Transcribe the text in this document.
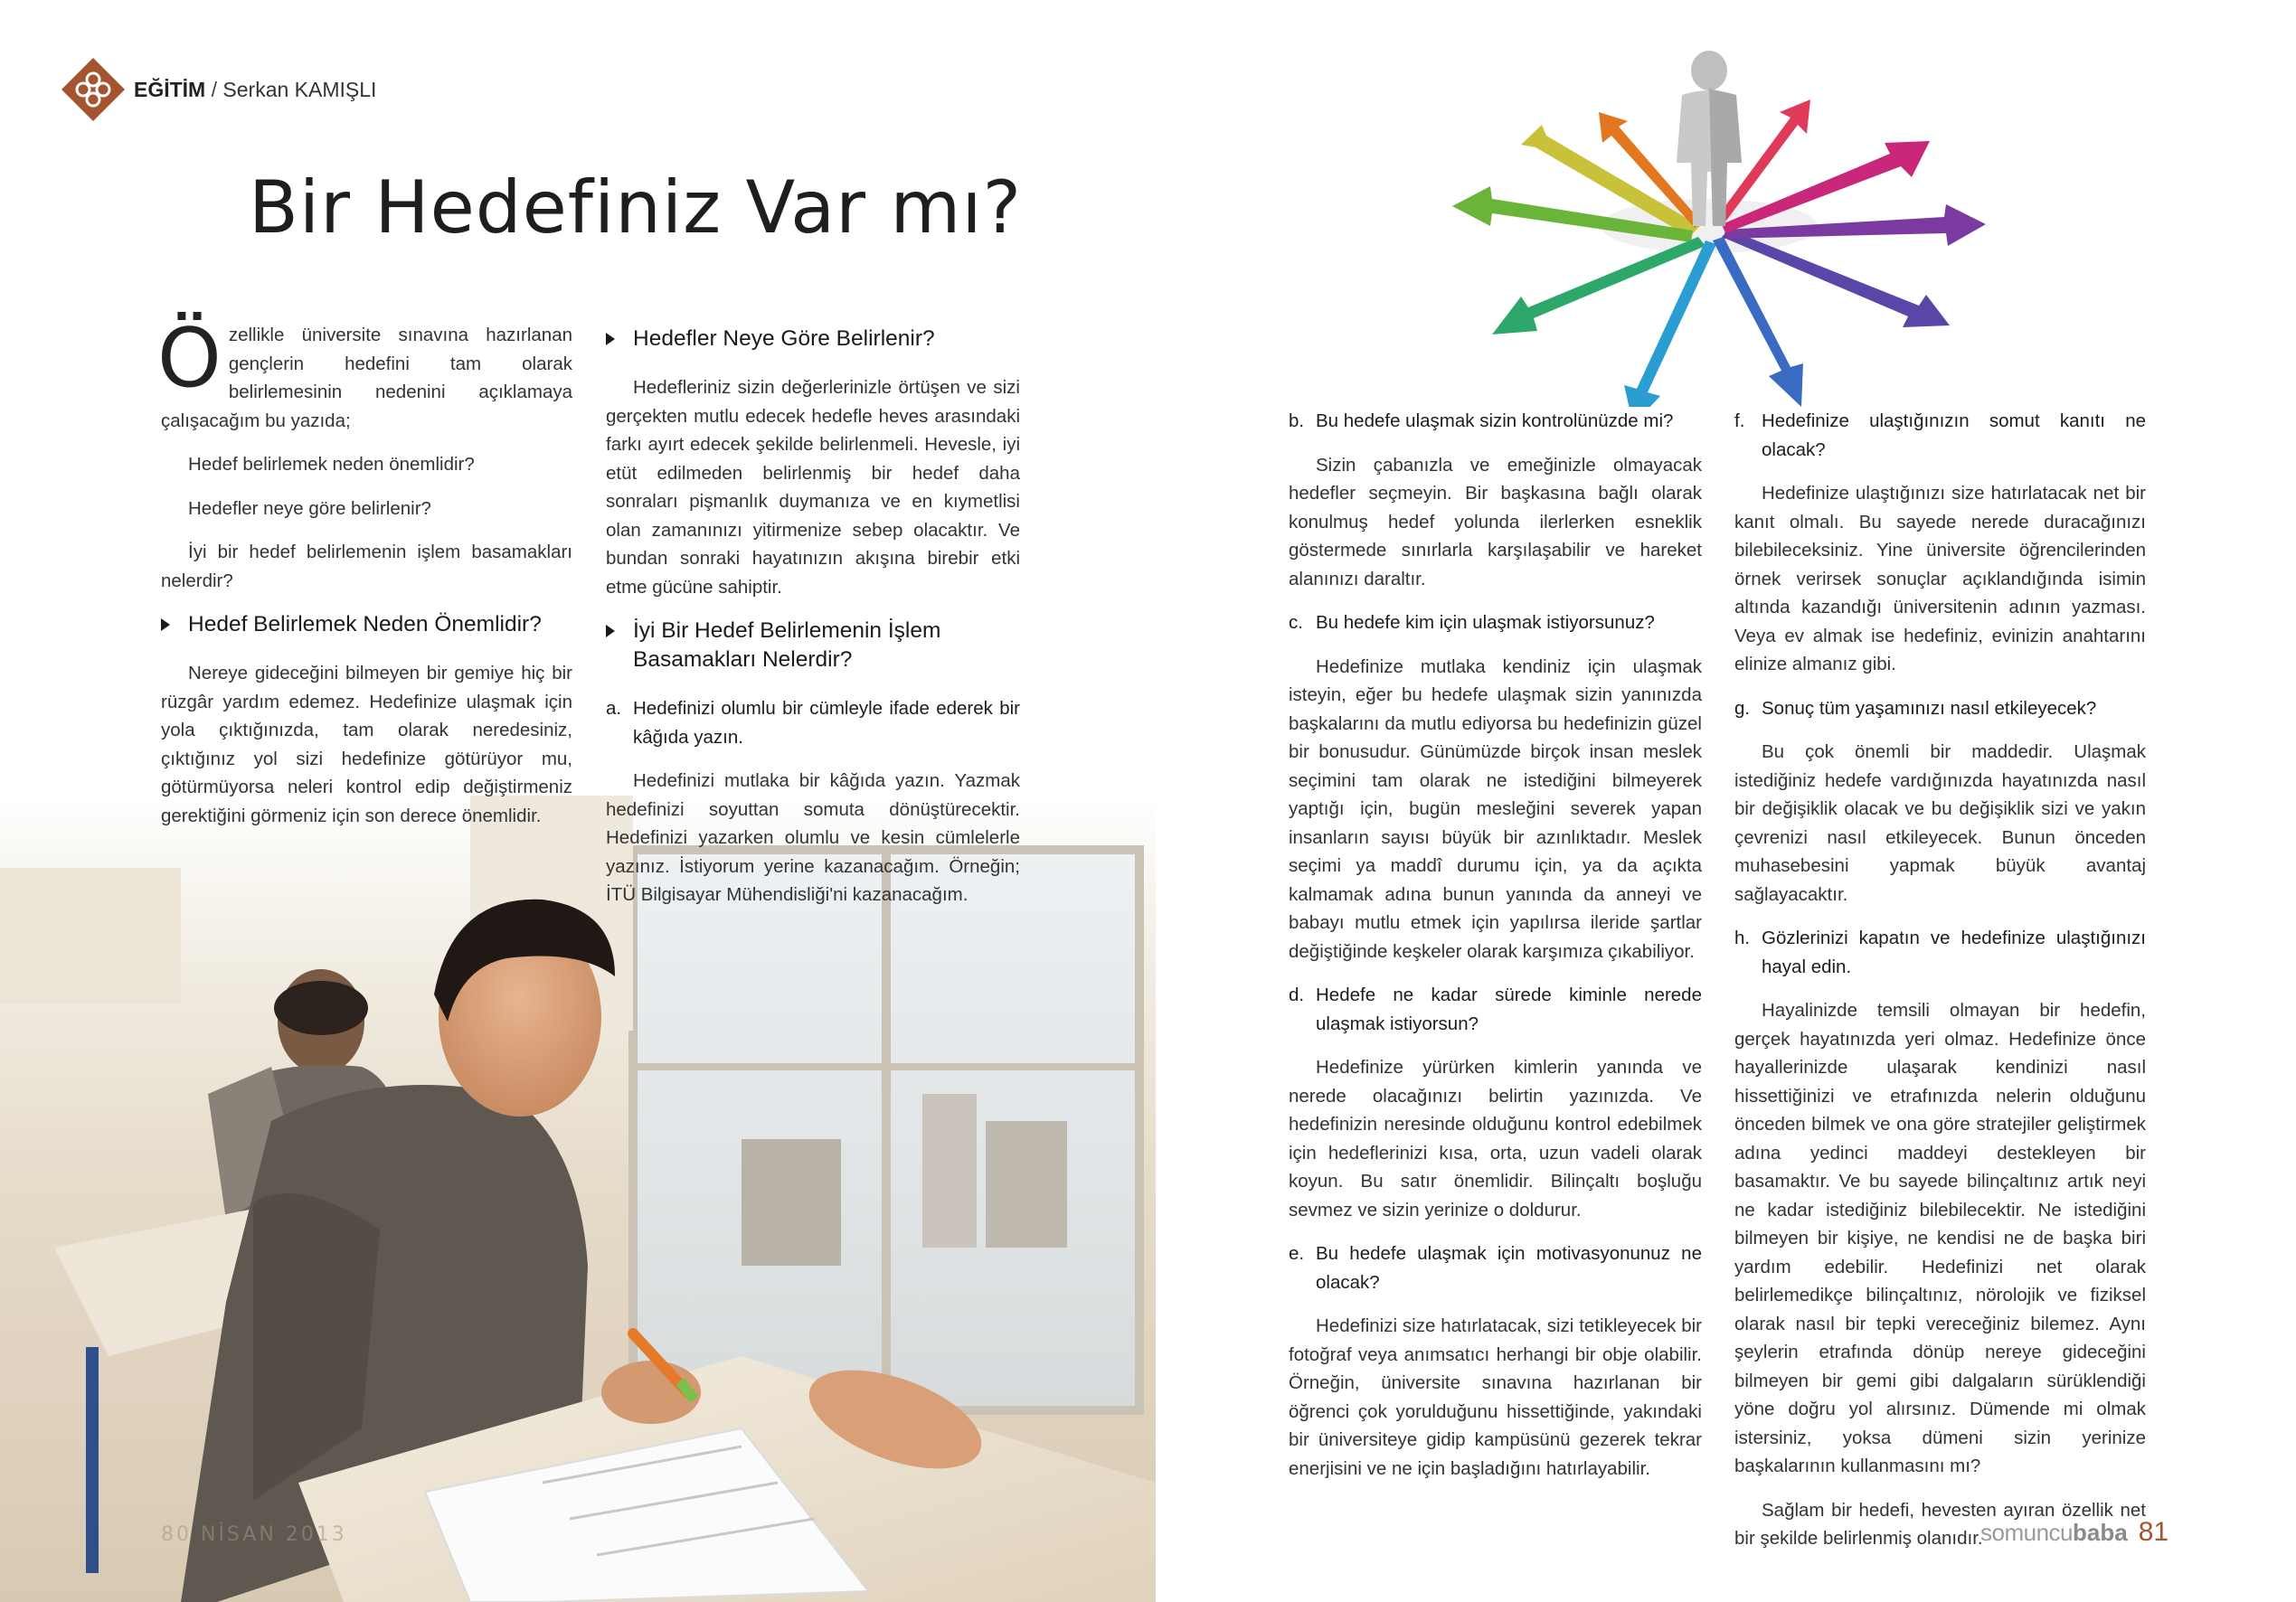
EĞİTİM / Serkan KAMIŞLI
Bir Hedefiniz Var mı?

Özellikle üniversite sınavına hazırlanan gençlerin hedefini tam olarak belirlemesinin nedenini açıklamaya çalışacağım bu yazıda;

Hedef belirlemek neden önemlidir?

Hedefler neye göre belirlenir?

İyi bir hedef belirlemenin işlem basamakları nelerdir?

Hedef Belirlemek Neden Önemlidir?

Nereye gideceğini bilmeyen bir gemiye hiç bir rüzgâr yardım edemez. Hedefinize ulaşmak için yola çıktığınızda, tam olarak neredesiniz, çıktığınız yol sizi hedefinize götürüyor mu, götürmüyorsa neleri kontrol edip değiştirmeniz gerektiğini görmeniz için son derece önemlidir.

Hedefler Neye Göre Belirlenir?

Hedefleriniz sizin değerlerinizle örtüşen ve sizi gerçekten mutlu edecek hedefle heves arasındaki farkı ayırt edecek şekilde belirlenmeli. Hevesle, iyi etüt edilmeden belirlenmiş bir hedef daha sonraları pişmanlık duymanıza ve en kıymetlisi olan zamanınızı yitirmenize sebep olacaktır. Ve bundan sonraki hayatınızın akışına birebir etki etme gücüne sahiptir.

İyi Bir Hedef Belirlemenin İşlem Basamakları Nelerdir?
a. Hedefinizi olumlu bir cümleyle ifade ederek bir kâğıda yazın.

Hedefinizi mutlaka bir kâğıda yazın. Yazmak hedefinizi soyuttan somuta dönüştürecektir. Hedefinizi yazarken olumlu ve kesin cümlelerle yazınız. İstiyorum yerine kazanacağım. Örneğin; İTÜ Bilgisayar Mühendisliği'ni kazanacağım.

80 NİSAN 2013
b. Bu hedefe ulaşmak sizin kontrolünüzde mi?

Sizin çabanızla ve emeğinizle olmayacak hedefler seçmeyin. Bir başkasına bağlı olarak konulmuş hedef yolunda ilerlerken esneklik göstermede sınırlarla karşılaşabilir ve hareket alanınızı daraltır.

c. Bu hedefe kim için ulaşmak istiyorsunuz?

Hedefinize mutlaka kendiniz için ulaşmak isteyin, eğer bu hedefe ulaşmak sizin yanınızda başkalarını da mutlu ediyorsa bu hedefinizin güzel bir bonusudur. Günümüzde birçok insan meslek seçimini tam olarak ne istediğini bilmeyerek yaptığı için, bugün mesleğini severek yapan insanların sayısı büyük bir azınlıktadır. Meslek seçimi ya maddî durumu için, ya da açıkta kalmamak adına bunun yanında da anneyi ve babayı mutlu etmek için yapılırsa ileride şartlar değiştiğinde keşkeler olarak karşımıza çıkabiliyor.

d. Hedefe ne kadar sürede kiminle nerede ulaşmak istiyorsun?

Hedefinize yürürken kimlerin yanında ve nerede olacağınızı belirtin yazınızda. Ve hedefinizin neresinde olduğunu kontrol edebilmek için hedeflerinizi kısa, orta, uzun vadeli olarak koyun. Bu satır önemlidir. Bilinçaltı boşluğu sevmez ve sizin yerinize o doldurur.

e. Bu hedefe ulaşmak için motivasyonunuz ne olacak?

Hedefinizi size hatırlatacak, sizi tetikleyecek bir fotoğraf veya anımsatıcı herhangi bir obje olabilir. Örneğin, üniversite sınavına hazırlanan bir öğrenci çok yorulduğunu hissettiğinde, yakındaki bir üniversiteye gidip kampüsünü gezerek tekrar enerjisini ve ne için başladığını hatırlayabilir.

f. Hedefinize ulaştığınızın somut kanıtı ne olacak?

Hedefinize ulaştığınızı size hatırlatacak net bir kanıt olmalı. Bu sayede nerede duracağınızı bilebileceksiniz. Yine üniversite öğrencilerinden örnek verirsek sonuçlar açıklandığında isimin altında kazandığı üniversitenin adının yazması. Veya ev almak ise hedefiniz, evinizin anahtarını elinize almanız gibi.

g. Sonuç tüm yaşamınızı nasıl etkileyecek?

Bu çok önemli bir maddedir. Ulaşmak istediğiniz hedefe vardığınızda hayatınızda nasıl bir değişiklik olacak ve bu değişiklik sizi ve yakın çevrenizi nasıl etkileyecek. Bunun önceden muhasebesini yapmak büyük avantaj sağlayacaktır.

h. Gözlerinizi kapatın ve hedefinize ulaştığınızı hayal edin.

Hayalinizde temsili olmayan bir hedefin, gerçek hayatınızda yeri olmaz. Hedefinize önce hayallerinizde ulaşarak kendinizi nasıl hissettiğinizi ve etrafınızda nelerin olduğunu önceden bilmek ve ona göre stratejiler geliştirmek adına yedinci maddeyi destekleyen bir basamaktır. Ve bu sayede bilinçaltınız artık neyi ne kadar istediğiniz bilebilecektir. Ne istediğini bilmeyen bir kişiye, ne kendisi ne de başka biri yardım edebilir. Hedefinizi net olarak belirlemedikçe bilinçaltınız, nörolojik ve fiziksel olarak nasıl bir tepki vereceğiniz bilemez. Aynı şeylerin etrafında dönüp nereye gideceğini bilmeyen bir gemi gibi dalgaların sürüklendiği yöne doğru yol alırsınız. Dümende mi olmak istersiniz, yoksa dümeni sizin yerinize başkalarının kullanmasını mı?

Sağlam bir hedefi, hevesten ayıran özellik net bir şekilde belirlenmiş olanıdır.

somuncu baba 81
